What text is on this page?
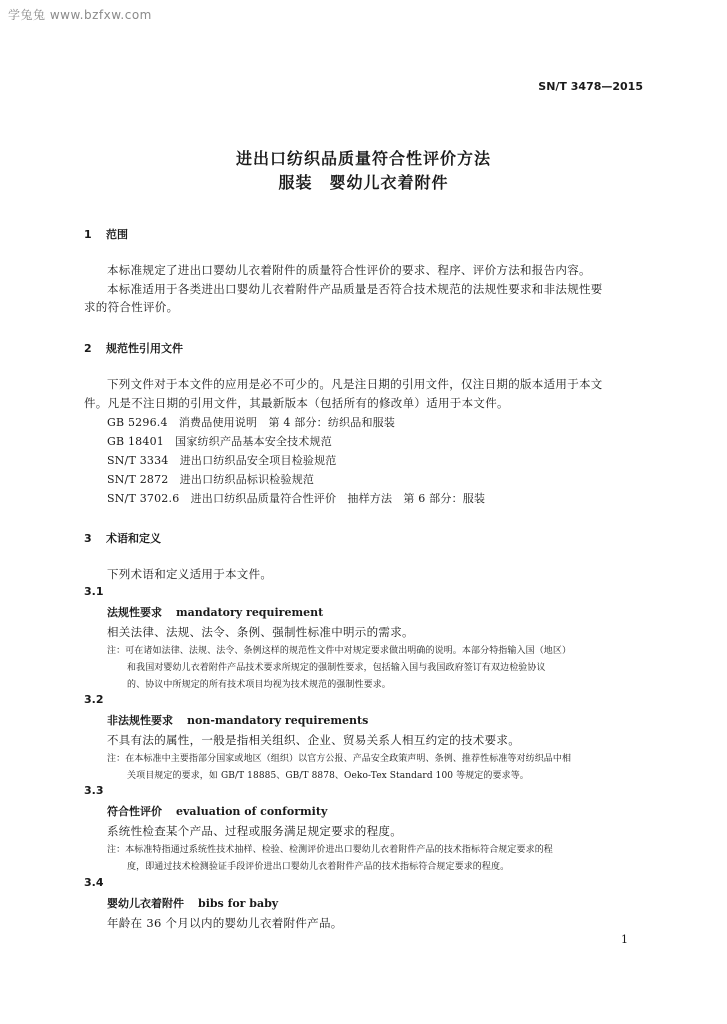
学兔兔 www.bzfxw.com
SN/T 3478—2015
进出口纺织品质量符合性评价方法
服装　婴幼儿衣着附件
1 范围
本标准规定了进出口婴幼儿衣着附件的质量符合性评价的要求、程序、评价方法和报告内容。
本标准适用于各类进出口婴幼儿衣着附件产品质量是否符合技术规范的法规性要求和非法规性要
求的符合性评价。
2 规范性引用文件
下列文件对于本文件的应用是必不可少的。凡是注日期的引用文件，仅注日期的版本适用于本文
件。凡是不注日期的引用文件，其最新版本（包括所有的修改单）适用于本文件。
GB 5296.4　消费品使用说明　第 4 部分：纺织品和服装
GB 18401　国家纺织产品基本安全技术规范
SN/T 3334　进出口纺织品安全项目检验规范
SN/T 2872　进出口纺织品标识检验规范
SN/T 3702.6　进出口纺织品质量符合性评价　抽样方法　第 6 部分：服装
3 术语和定义
下列术语和定义适用于本文件。
3.1
法规性要求 mandatory requirement
相关法律、法规、法令、条例、强制性标准中明示的需求。
注：可在诸如法律、法规、法令、条例这样的规范性文件中对规定要求做出明确的说明。本部分特指输入国（地区）
和我国对婴幼儿衣着附件产品技术要求所规定的强制性要求，包括输入国与我国政府签订有双边检验协议
的、协议中所规定的所有技术项目均视为技术规范的强制性要求。
3.2
非法规性要求 non-mandatory requirements
不具有法的属性，一般是指相关组织、企业、贸易关系人相互约定的技术要求。
注：在本标准中主要指部分国家或地区（组织）以官方公报、产品安全政策声明、条例、推荐性标准等对纺织品中相
关项目规定的要求，如 GB/T 18885、GB/T 8878、Oeko-Tex Standard 100 等规定的要求等。
3.3
符合性评价 evaluation of conformity
系统性检查某个产品、过程或服务满足规定要求的程度。
注：本标准特指通过系统性技术抽样、检验、检测评价进出口婴幼儿衣着附件产品的技术指标符合规定要求的程
度，即通过技术检测验证手段评价进出口婴幼儿衣着附件产品的技术指标符合规定要求的程度。
3.4
婴幼儿衣着附件 bibs for baby
年龄在 36 个月以内的婴幼儿衣着附件产品。
1
